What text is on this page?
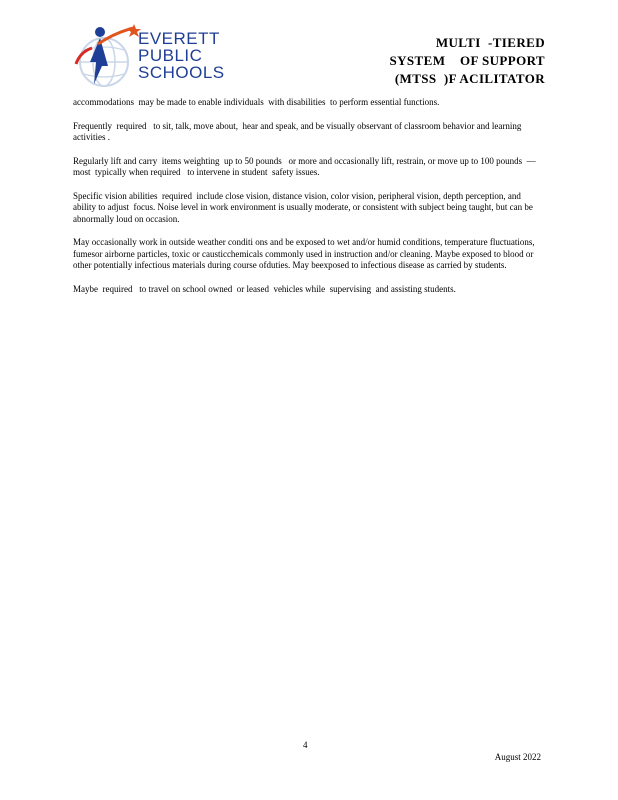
EVERETT
PUBLIC
SCHOOLS
MULTI  -TIERED
SYSTEM    OF SUPPORT
(MTSS  )F ACILITATOR

accommodations  may be made to enable individuals  with disabilities  to perform essential functions.

Frequently  required   to sit, talk, move about,  hear and speak, and be visually observant of classroom behavior and learning activities .

Regularly lift and carry  items weighting  up to 50 pounds   or more and occasionally lift, restrain, or move up to 100 pounds  —most  typically when required   to intervene in student  safety issues.

Specific vision abilities  required  include close vision, distance vision, color vision, peripheral vision, depth perception, and ability to adjust  focus. Noise level in work environment is usually moderate, or consistent with subject being taught, but can be abnormally loud on occasion.

May occasionally work in outside weather conditi ons and be exposed to wet and/or humid conditions, temperature fluctuations, fumesor airborne particles, toxic or causticchemicals commonly used in instruction and/or cleaning. Maybe exposed to blood or other potentially infectious materials during course ofduties. May beexposed to infectious disease as carried by students.

Maybe  required   to travel on school owned  or leased  vehicles while  supervising  and assisting students.

4
August 2022
